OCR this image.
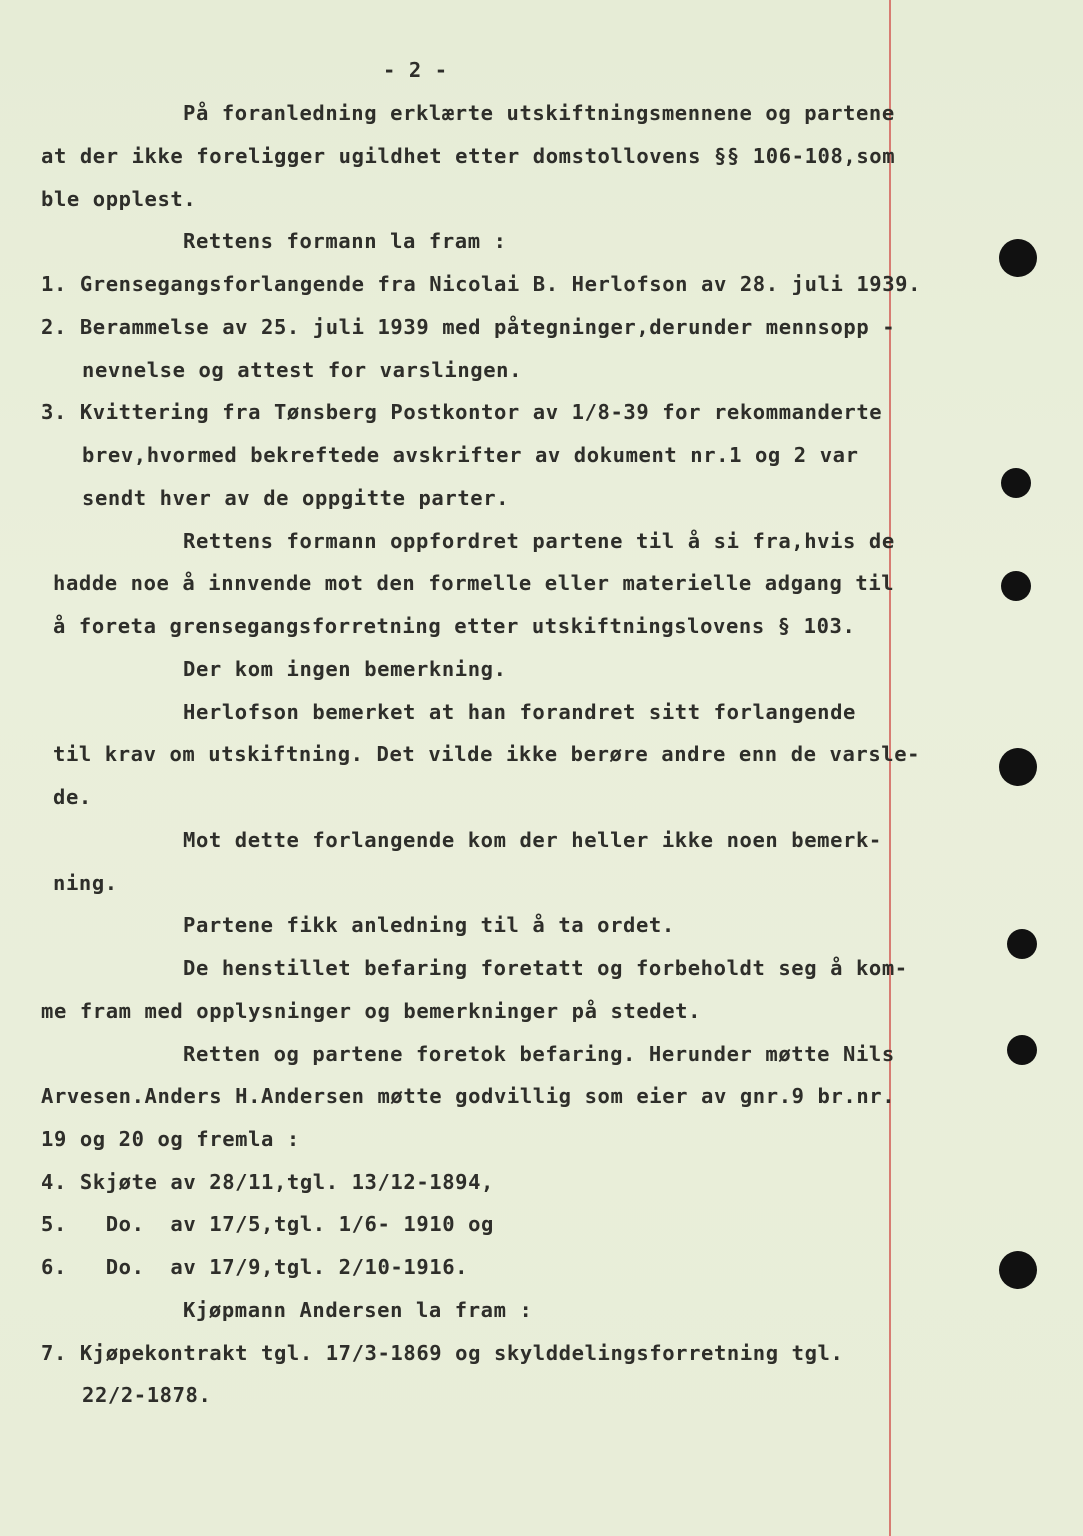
- 2 -
På foranledning erklærte utskiftningsmennene og partene
at der ikke foreligger ugildhet etter domstollovens §§ 106-108,som
ble opplest.
Rettens formann la fram :
1. Grensegangsforlangende fra Nicolai B. Herlofson av 28. juli 1939.
2. Berammelse av 25. juli 1939 med påtegninger,derunder mennsopp -
nevnelse og attest for varslingen.
3. Kvittering fra Tønsberg Postkontor av 1/8-39 for rekommanderte
brev,hvormed bekreftede avskrifter av dokument nr.1 og 2 var
sendt hver av de oppgitte parter.
Rettens formann oppfordret partene til å si fra,hvis de
hadde noe å innvende mot den formelle eller materielle adgang til
å foreta grensegangsforretning etter utskiftningslovens § 103.
Der kom ingen bemerkning.
Herlofson bemerket at han forandret sitt forlangende
til krav om utskiftning. Det vilde ikke berøre andre enn de varsle-
de.
Mot dette forlangende kom der heller ikke noen bemerk-
ning.
Partene fikk anledning til å ta ordet.
De henstillet befaring foretatt og forbeholdt seg å kom-
me fram med opplysninger og bemerkninger på stedet.
Retten og partene foretok befaring. Herunder møtte Nils
Arvesen.Anders H.Andersen møtte godvillig som eier av gnr.9 br.nr.
19 og 20 og fremla :
4. Skjøte av 28/11,tgl. 13/12-1894,
5.   Do.  av 17/5,tgl. 1/6- 1910 og
6.   Do.  av 17/9,tgl. 2/10-1916.
Kjøpmann Andersen la fram :
7. Kjøpekontrakt tgl. 17/3-1869 og skylddelingsforretning tgl.
22/2-1878.
